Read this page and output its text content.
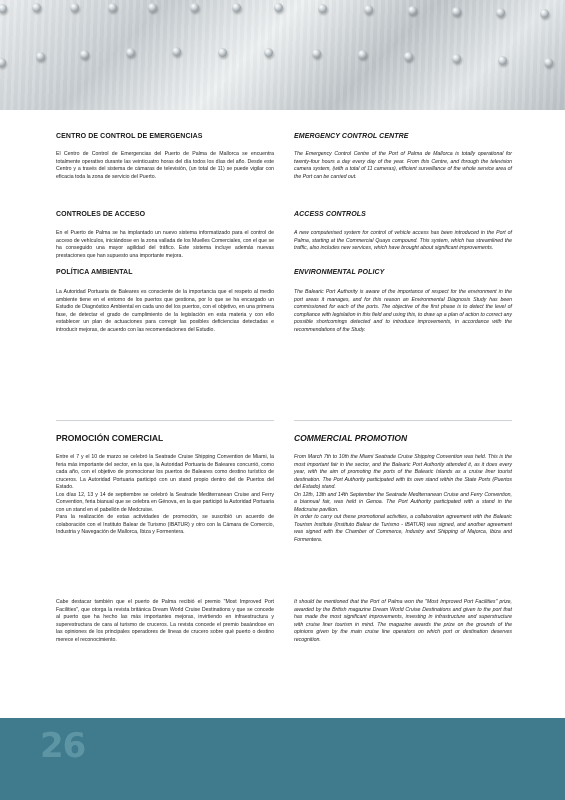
CENTRO DE CONTROL DE EMERGENCIAS	EMERGENCY CONTROL CENTRE

El Centro de Control de Emergencias del Puerto de Palma de Mallorca se encuentra totalmente operativo durante las veinticuatro horas del día todos los días del año. Desde este Centro y a través del sistema de cámaras de televisión, (un total de 11) se puede vigilar con eficacia toda la zona de servicio del Puerto.

The Emergency Control Centre of the Port of Palma de Mallorca is totally operational for twenty-four hours a day every day of the year. From this Centre, and through the television camera system, (with a total of 11 cameras), efficient surveillance of the whole service area of the Port can be carried out.

CONTROLES DE ACCESO	ACCESS CONTROLS

En el Puerto de Palma se ha implantado un nuevo sistema informatizado para el control de acceso de vehículos, iniciándose en la zona vallada de los Muelles Comerciales, con el que se ha conseguido una mayor agilidad del tráfico. Este sistema incluye además nuevas prestaciones que han supuesto una importante mejora.

A new computerised system for control of vehicle access has been introduced in the Port of Palma, starting at the Commercial Quays compound. This system, which has streamlined the traffic, also includes new services, which have brought about significant improvements.

POLÍTICA AMBIENTAL	ENVIRONMENTAL POLICY

La Autoridad Portuaria de Baleares es consciente de la importancia que el respeto al medio ambiente tiene en el entorno de los puertos que gestiona, por lo que se ha encargado un Estudio de Diagnóstico Ambiental en cada uno del los puertos, con el objetivo, en una primera fase, de detectar el grado de cumplimiento de la legislación en esta materia y con ello establecer un plan de actuaciones para corregir las posibles deficiencias detectadas e introducir mejoras, de acuerdo con las recomendaciones del Estudio.

The Balearic Port Authority is aware of the importance of respect for the environment in the port areas it manages, and for this reason an Environmental Diagnosis Study has been commissioned for each of the ports. The objective of the first phase is to detect the level of compliance with legislation in this field and using this, to draw up a plan of action to correct any possible shortcomings detected and to introduce improvements, in accordance with the recommendations of the Study.

PROMOCIÓN COMERCIAL	COMMERCIAL PROMOTION

Entre el 7 y el 10 de marzo se celebró la Seatrade Cruise Shipping Convention de Miami, la feria más importante del sector, en la que, la Autoridad Portuaria de Baleares concurrió, como cada año, con el objetivo de promocionar los puertos de Baleares como destino turístico de cruceros. La Autoridad Portuaria participó con un stand propio dentro del de Puertos del Estado.
Los días 12, 13 y 14 de septiembre se celebró la Seatrade Mediterranean Cruise and Ferry Convention, feria bianual que se celebra en Génova, en la que participó la Autoridad Portuaria con un stand en el pabellón de Medcruise.
Para la realización de estas actividades de promoción, se suscribió un acuerdo de colaboración con el Instituto Balear de Turismo (IBATUR) y otro con la Cámara de Comercio, Industria y Navegación de Mallorca, Ibiza y Formentera.

Cabe destacar también que el puerto de Palma recibió el premio "Most Improved Port Facilities", que otorga la revista británica Dream World Cruise Destinations y que se concede al puerto que ha hecho las más importantes mejoras, invirtiendo en infraestructura y superestructura de cara al turismo de cruceros. La revista concede el premio basándose en las opiniones de los principales operadores de líneas de crucero sobre qué puerto o destino merece el reconocimiento.

From March 7th to 10th the Miami Seatrade Cruise Shipping Convention was held. This is the most important fair in the sector, and the Balearic Port Authority attended it, as it does every year, with the aim of promoting the ports of the Balearic Islands as a cruise liner tourist destination. The Port Authority participated with its own stand within the State Ports (Puertos del Estado) stand.
On 12th, 13th and 14th September the Seatrade Mediterranean Cruise and Ferry Convention, a biannual fair, was held in Genoa. The Port Authority participated with a stand in the Medcruise pavilion.
In order to carry out these promotional activities, a collaboration agreement with the Balearic Tourism Institute (Instituto Balear de Turismo - IBATUR) was signed, and another agreement was signed with the Chamber of Commerce, Industry and Shipping of Majorca, Ibiza and Formentera.

It should be mentioned that the Port of Palma won the "Most Improved Port Facilities" prize, awarded by the British magazine Dream World Cruise Destinations and given to the port that has made the most significant improvements, investing in infrastructure and superstructure with cruise liner tourism in mind. The magazine awards the prize on the grounds of the opinions given by the main cruise line operators on which port or destination deserves recognition.

26
